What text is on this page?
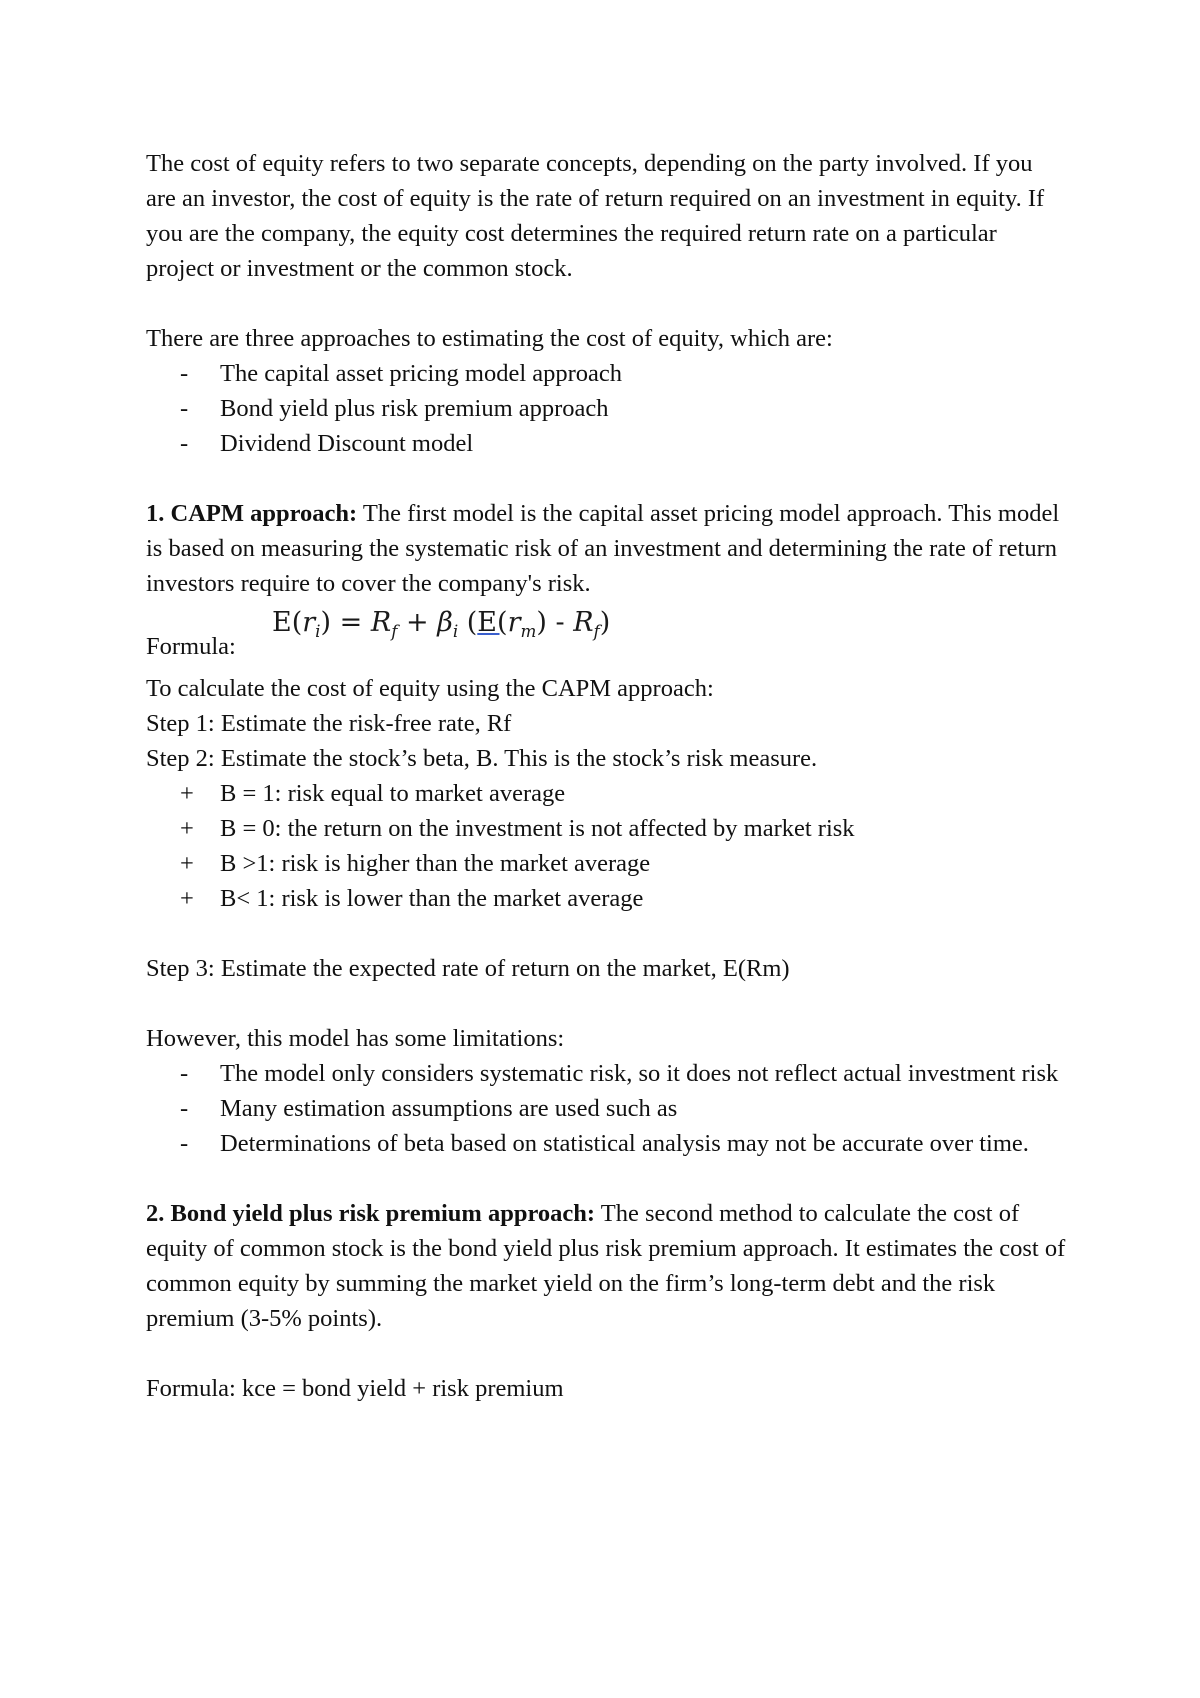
The cost of equity refers to two separate concepts, depending on the party involved. If you are an investor, the cost of equity is the rate of return required on an investment in equity. If you are the company, the equity cost determines the required return rate on a particular project or investment or the common stock.

There are three approaches to estimating the cost of equity, which are:

- The capital asset pricing model approach
- Bond yield plus risk premium approach
- Dividend Discount model

1. CAPM approach: The first model is the capital asset pricing model approach. This model is based on measuring the systematic risk of an investment and determining the rate of return investors require to cover the company's risk.

Formula:
$E(r_i) = R_f + \beta_i$ $(E(r_m) - R_f)$

To calculate the cost of equity using the CAPM approach:

Step 1: Estimate the risk-free rate, Rf

Step 2: Estimate the stock’s beta, B. This is the stock’s risk measure.

+ B = 1: risk equal to market average
+ B = 0: the return on the investment is not affected by market risk
+ B >1: risk is higher than the market average
+ B< 1: risk is lower than the market average

Step 3: Estimate the expected rate of return on the market, E(Rm)

However, this model has some limitations:

- The model only considers systematic risk, so it does not reflect actual investment risk
- Many estimation assumptions are used such as
- Determinations of beta based on statistical analysis may not be accurate over time.

2. Bond yield plus risk premium approach: The second method to calculate the cost of equity of common stock is the bond yield plus risk premium approach. It estimates the cost of common equity by summing the market yield on the firm’s long-term debt and the risk premium (3-5% points).

Formula: kce = bond yield + risk premium
